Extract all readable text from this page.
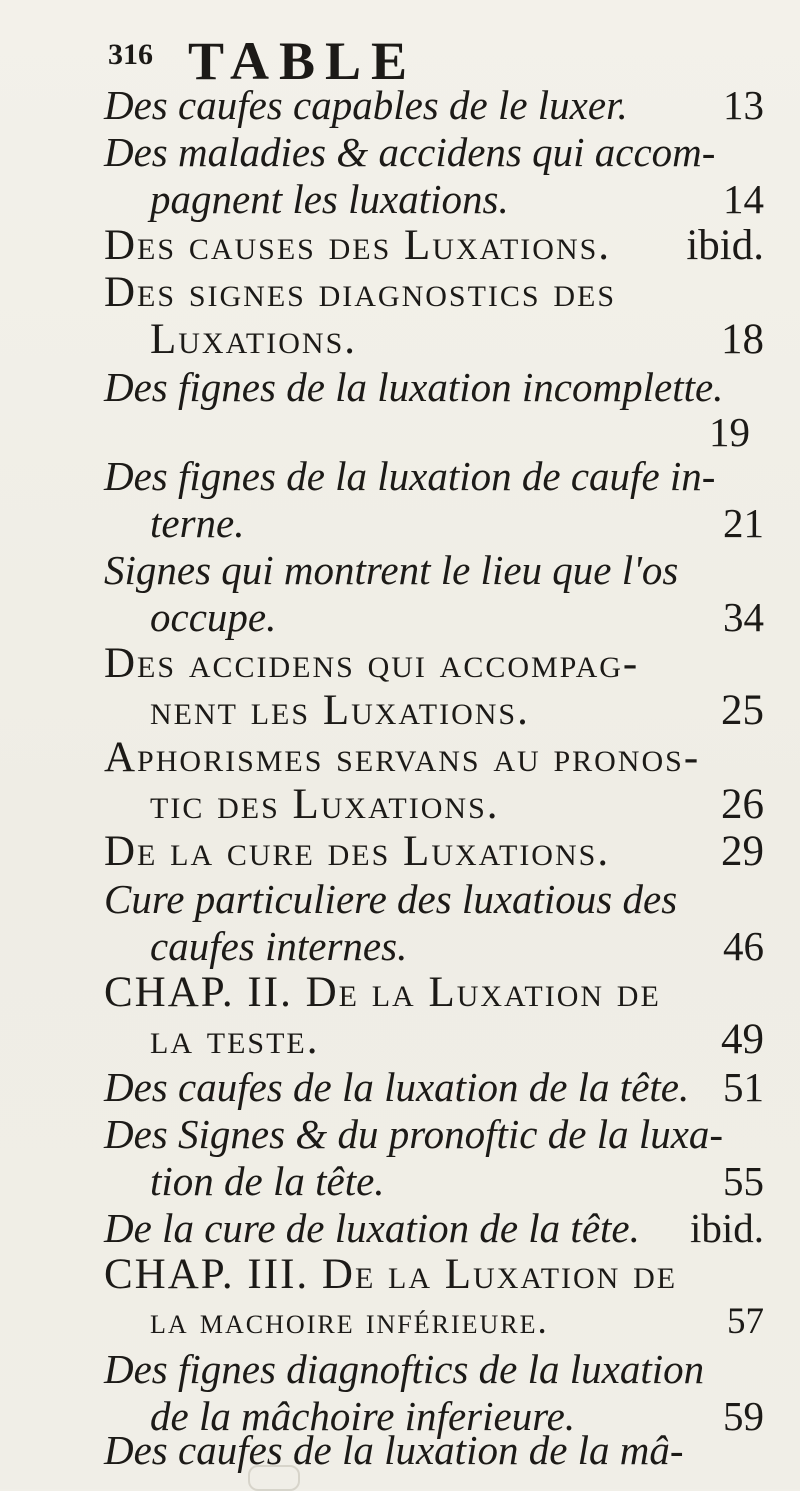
316 TABLE
Des caufes capables de le luxer. 13
Des maladies & accidens qui accom-
pagnent les luxations.	14
Des causes des Luxations. ibid.
Des signes diagnostics des
Luxations.	18
Des fignes de la luxation incomplette.
19
Des fignes de la luxation de caufe in-
terne.	21
Signes qui montrent le lieu que l'os
occupe.	34
Des accidens qui accompag-
nent les Luxations.	25
Aphorismes servans au pronos-
tic des Luxations.	26
De la cure des Luxations.	29
Cure particuliere des luxatious des
caufes internes.	46
CHAP. II. De la Luxation de
la teste.	49
Des caufes de la luxation de la tête. 51
Des Signes & du pronoftic de la luxa-
tion de la tête.	55
De la cure de luxation de la tête. ibid.
CHAP. III. De la Luxation de
la machoire inférieure.	57
Des fignes diagnoftics de la luxation
de la mâchoire inferieure.	59
Des caufes de la luxation de la mâ-
